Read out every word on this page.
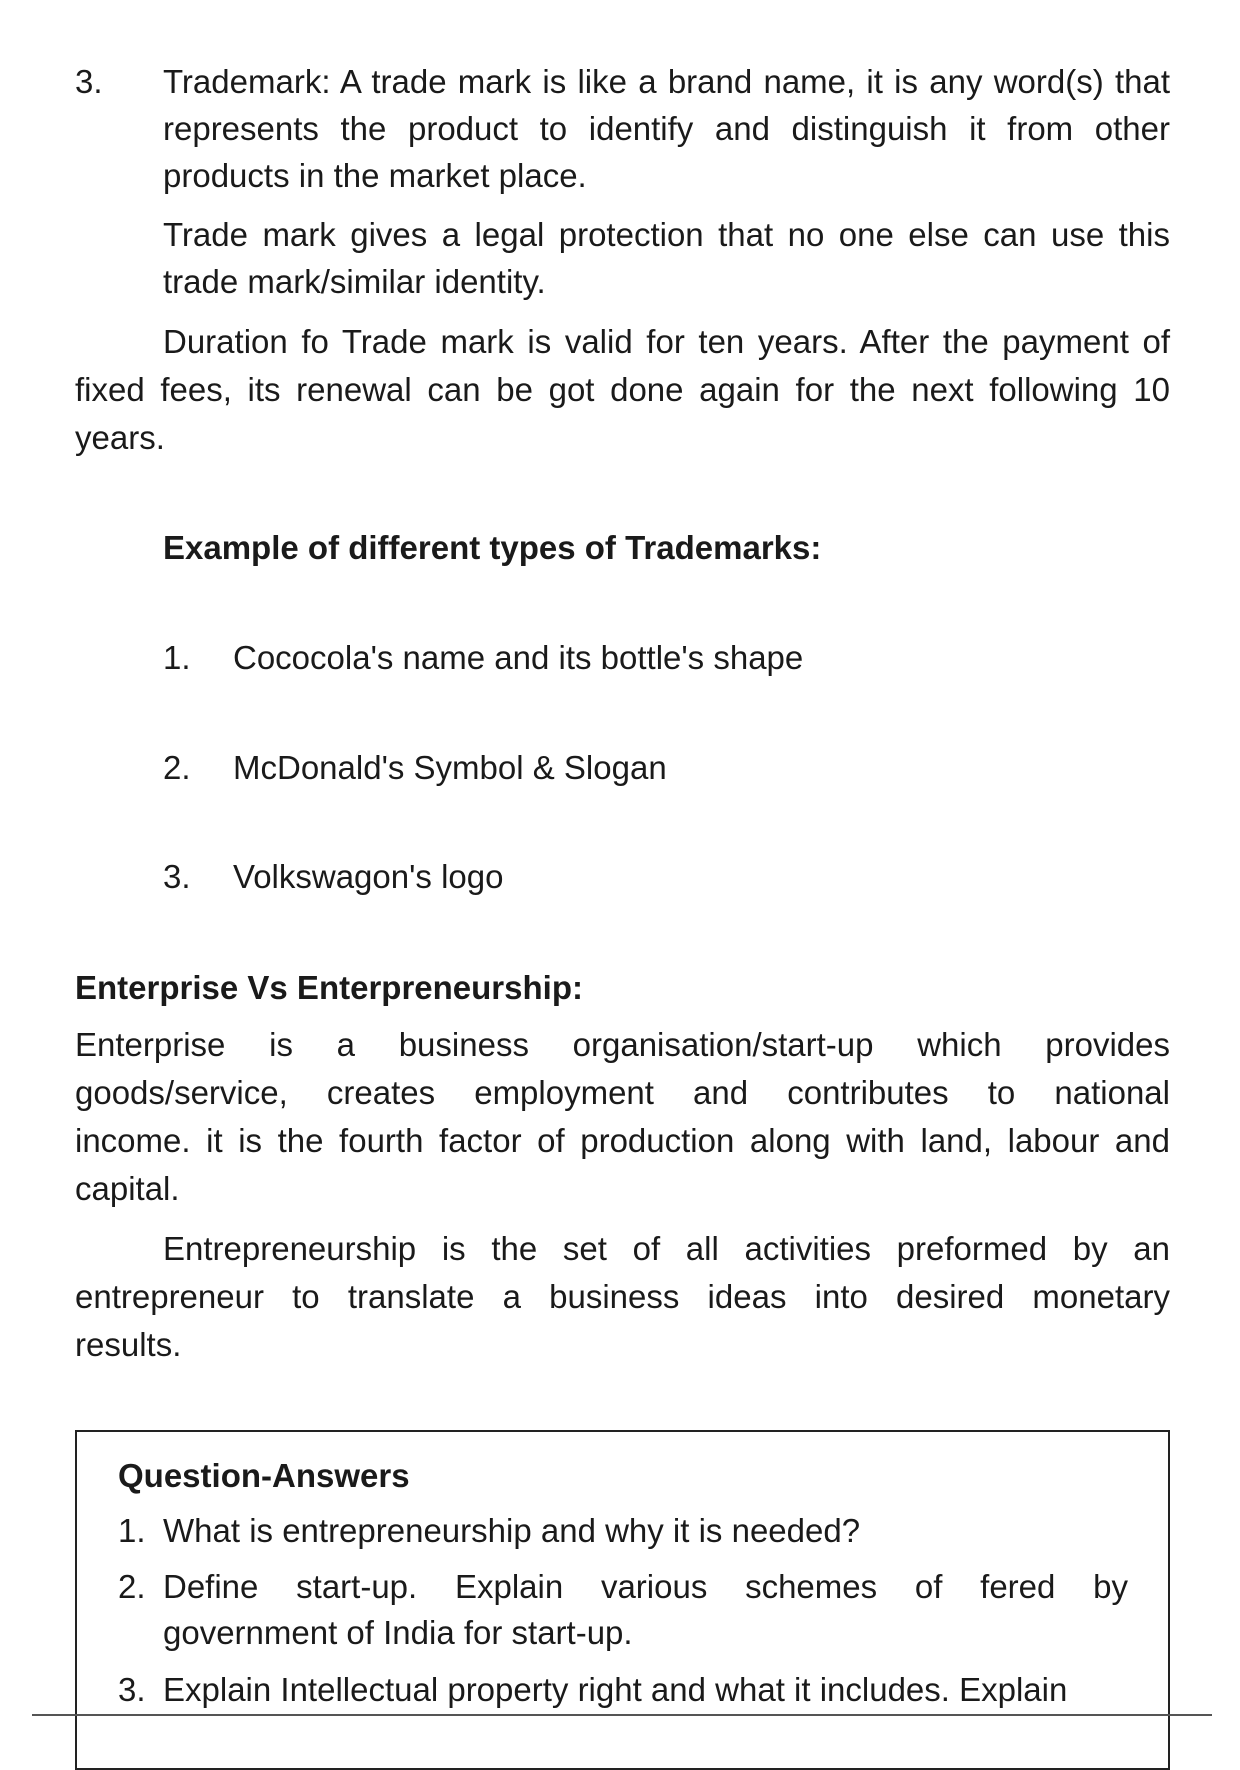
3. Trademark: A trade mark is like a brand name, it is any word(s) that
represents the product to identify and distinguish it from other
products in the market place.
Trade mark gives a legal protection that no one else can use this
trade mark/similar identity.
Duration fo Trade mark is valid for ten years. After the payment of
fixed fees, its renewal can be got done again for the next following 10
years.
Example of different types of Trademarks:
1. Cococola's name and its bottle's shape
2. McDonald's Symbol & Slogan
3. Volkswagon's logo
Enterprise Vs Enterpreneurship:
Enterprise is a business organisation/start-up which provides
goods/service, creates employment and contributes to national
income. it is the fourth factor of production along with land, labour and
capital.
Entrepreneurship is the set of all activities preformed by an
entrepreneur to translate a business ideas into desired monetary
results.
Question-Answers
1. What is entrepreneurship and why it is needed?
2. Define start-up. Explain various schemes of fered by
government of India for start-up.
3. Explain Intellectual property right and what it includes. Explain
